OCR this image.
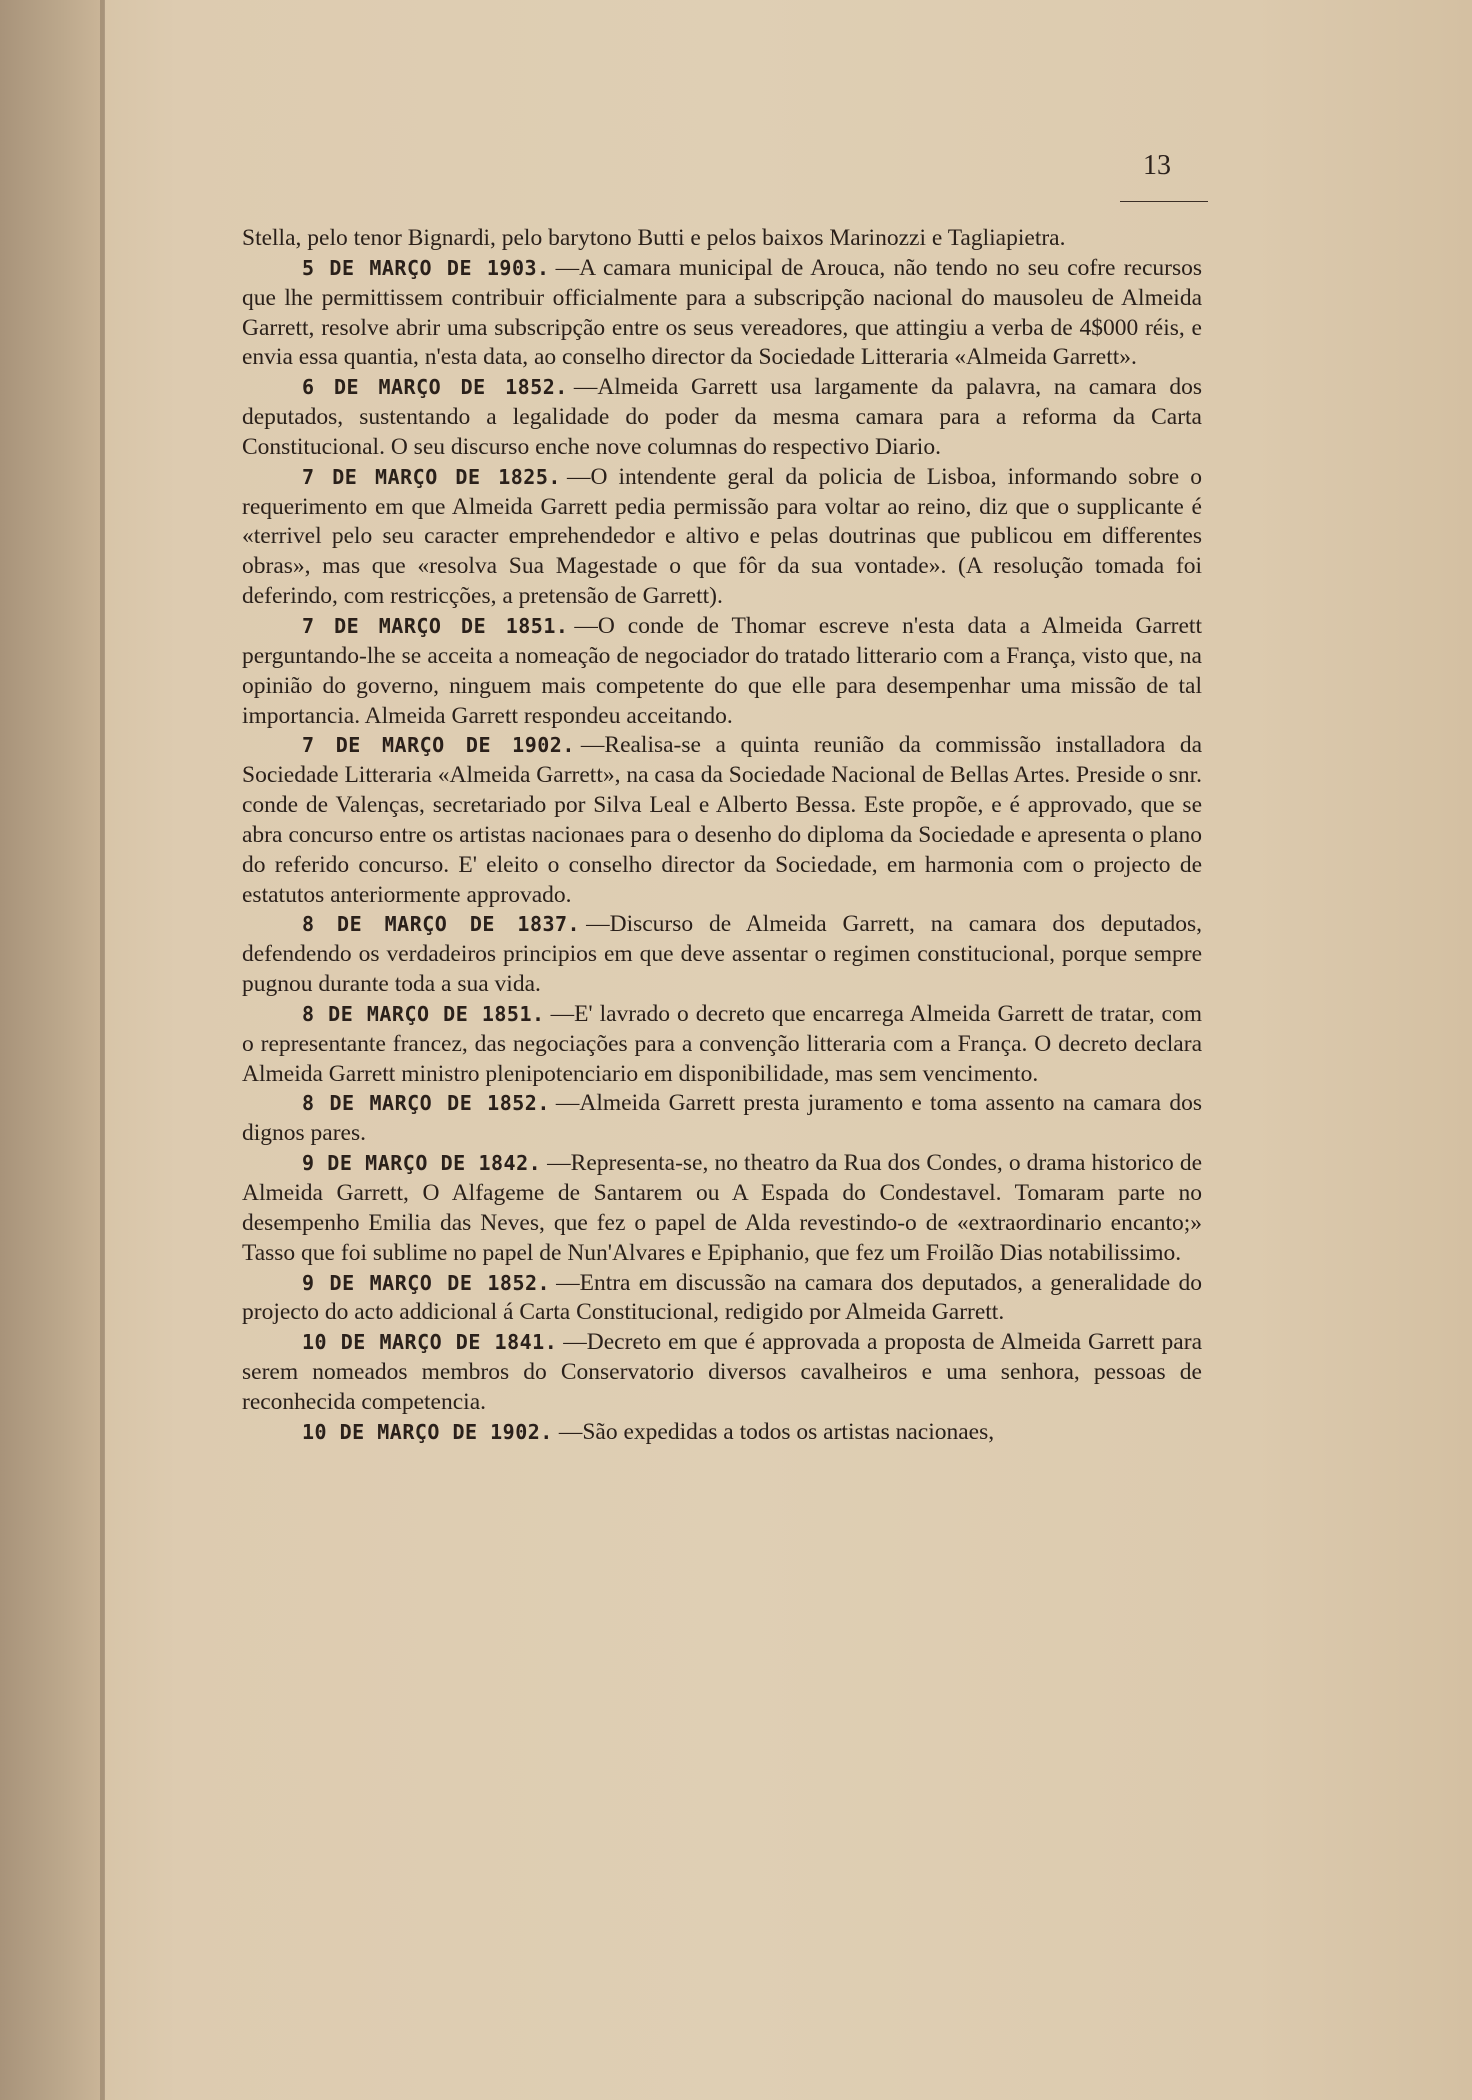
13

Stella, pelo tenor Bignardi, pelo barytono Butti e pelos baixos Marinozzi e Tagliapietra.

5 DE MARÇO DE 1903. —A camara municipal de Arouca, não tendo no seu cofre recursos que lhe permittissem contribuir officialmente para a subscripção nacional do mausoleu de Almeida Garrett, resolve abrir uma subscripção entre os seus vereadores, que attingiu a verba de 4$000 réis, e envia essa quantia, n'esta data, ao conselho director da Sociedade Litteraria «Almeida Garrett».

6 DE MARÇO DE 1852. —Almeida Garrett usa largamente da palavra, na camara dos deputados, sustentando a legalidade do poder da mesma camara para a reforma da Carta Constitucional. O seu discurso enche nove columnas do respectivo Diario.

7 DE MARÇO DE 1825. —O intendente geral da policia de Lisboa, informando sobre o requerimento em que Almeida Garrett pedia permissão para voltar ao reino, diz que o supplicante é «terrivel pelo seu caracter emprehendedor e altivo e pelas doutrinas que publicou em differentes obras», mas que «resolva Sua Magestade o que fôr da sua vontade». (A resolução tomada foi deferindo, com restricções, a pretensão de Garrett).

7 DE MARÇO DE 1851. —O conde de Thomar escreve n'esta data a Almeida Garrett perguntando-lhe se acceita a nomeação de negociador do tratado litterario com a França, visto que, na opinião do governo, ninguem mais competente do que elle para desempenhar uma missão de tal importancia. Almeida Garrett respondeu acceitando.

7 DE MARÇO DE 1902. —Realisa-se a quinta reunião da commissão installadora da Sociedade Litteraria «Almeida Garrett», na casa da Sociedade Nacional de Bellas Artes. Preside o snr. conde de Valenças, secretariado por Silva Leal e Alberto Bessa. Este propõe, e é approvado, que se abra concurso entre os artistas nacionaes para o desenho do diploma da Sociedade e apresenta o plano do referido concurso. E' eleito o conselho director da Sociedade, em harmonia com o projecto de estatutos anteriormente approvado.

8 DE MARÇO DE 1837. —Discurso de Almeida Garrett, na camara dos deputados, defendendo os verdadeiros principios em que deve assentar o regimen constitucional, porque sempre pugnou durante toda a sua vida.

8 DE MARÇO DE 1851. —E' lavrado o decreto que encarrega Almeida Garrett de tratar, com o representante francez, das negociações para a convenção litteraria com a França. O decreto declara Almeida Garrett ministro plenipotenciario em disponibilidade, mas sem vencimento.

8 DE MARÇO DE 1852. —Almeida Garrett presta juramento e toma assento na camara dos dignos pares.

9 DE MARÇO DE 1842. —Representa-se, no theatro da Rua dos Condes, o drama historico de Almeida Garrett, O Alfageme de Santarem ou A Espada do Condestavel. Tomaram parte no desempenho Emilia das Neves, que fez o papel de Alda revestindo-o de «extraordinario encanto;» Tasso que foi sublime no papel de Nun'Alvares e Epiphanio, que fez um Froilão Dias notabilissimo.

9 DE MARÇO DE 1852. —Entra em discussão na camara dos deputados, a generalidade do projecto do acto addicional á Carta Constitucional, redigido por Almeida Garrett.

10 DE MARÇO DE 1841. —Decreto em que é approvada a proposta de Almeida Garrett para serem nomeados membros do Conservatorio diversos cavalheiros e uma senhora, pessoas de reconhecida competencia.

10 DE MARÇO DE 1902. —São expedidas a todos os artistas nacionaes,
